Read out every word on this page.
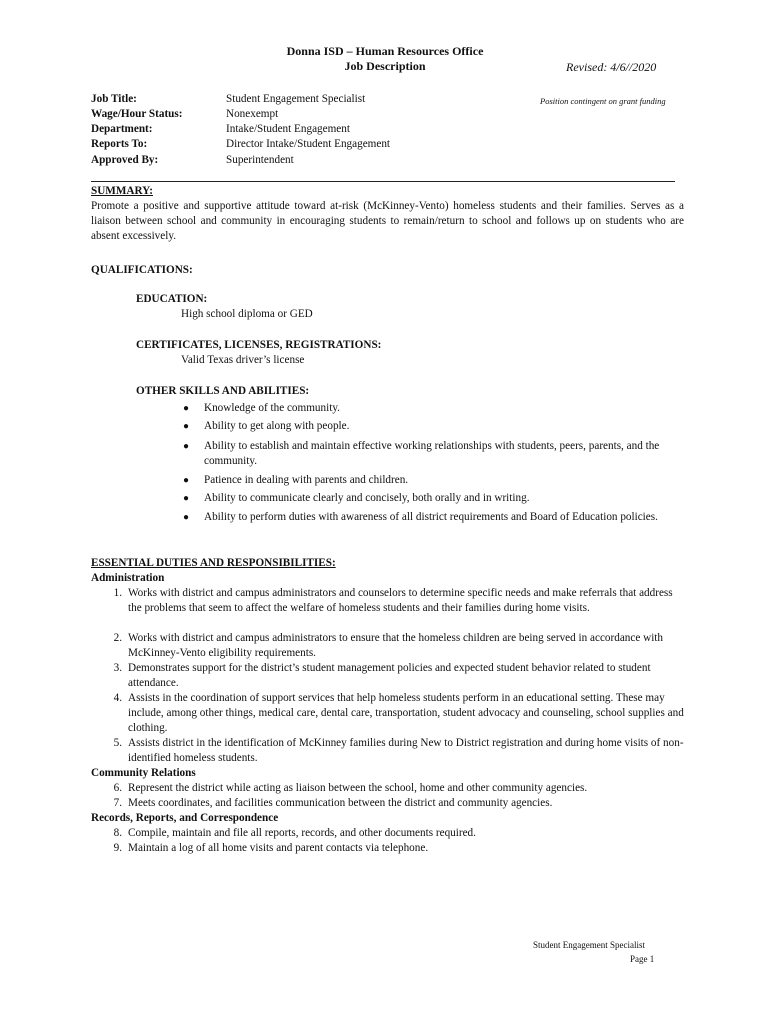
Donna ISD – Human Resources Office
Job Description	Revised: 4/6//2020
Position contingent on grant funding
Job Title:	Student Engagement Specialist
Wage/Hour Status:	Nonexempt
Department:	Intake/Student Engagement
Reports To:	Director Intake/Student Engagement
Approved By:	Superintendent
SUMMARY:
Promote a positive and supportive attitude toward at-risk (McKinney-Vento) homeless students and their families. Serves as a liaison between school and community in encouraging students to remain/return to school and follows up on students who are absent excessively.
QUALIFICATIONS:
EDUCATION:
High school diploma or GED
CERTIFICATES, LICENSES, REGISTRATIONS:
Valid Texas driver’s license
OTHER SKILLS AND ABILITIES:
● Knowledge of the community.
● Ability to get along with people.
● Ability to establish and maintain effective working relationships with students, peers, parents, and the community.
● Patience in dealing with parents and children.
● Ability to communicate clearly and concisely, both orally and in writing.
● Ability to perform duties with awareness of all district requirements and Board of Education policies.
ESSENTIAL DUTIES AND RESPONSIBILITIES:
Administration
1. Works with district and campus administrators and counselors to determine specific needs and make referrals that address the problems that seem to affect the welfare of homeless students and their families during home visits.
2. Works with district and campus administrators to ensure that the homeless children are being served in accordance with McKinney-Vento eligibility requirements.
3. Demonstrates support for the district’s student management policies and expected student behavior related to student attendance.
4. Assists in the coordination of support services that help homeless students perform in an educational setting. These may include, among other things, medical care, dental care, transportation, student advocacy and counseling, school supplies and clothing.
5. Assists district in the identification of McKinney families during New to District registration and during home visits of non-identified homeless students.
Community Relations
6. Represent the district while acting as liaison between the school, home and other community agencies.
7. Meets coordinates, and facilities communication between the district and community agencies.
Records, Reports, and Correspondence
8. Compile, maintain and file all reports, records, and other documents required.
9. Maintain a log of all home visits and parent contacts via telephone.
Student Engagement Specialist
Page 1
